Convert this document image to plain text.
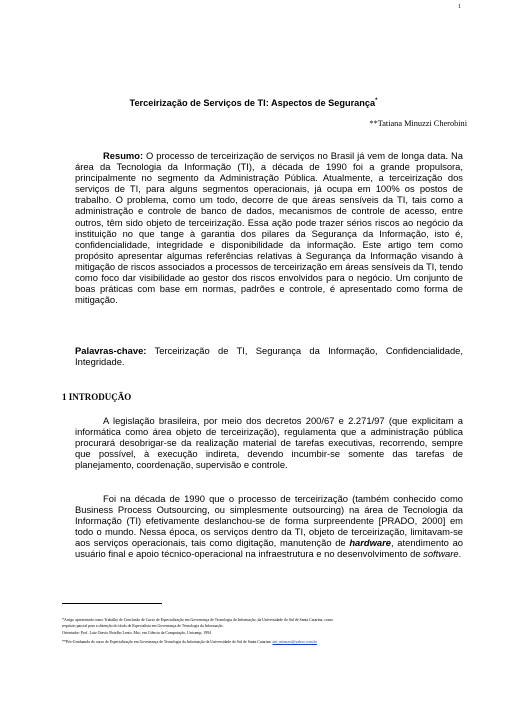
1
Terceirização de Serviços de TI: Aspectos de Segurança*
**Tatiana Minuzzi Cherobini

Resumo: O processo de terceirização de serviços no Brasil já vem de longa data. Na área da Tecnologia da Informação (TI), a década de 1990 foi a grande propulsora, principalmente no segmento da Administração Pública. Atualmente, a terceirização dos serviços de TI, para alguns segmentos operacionais, já ocupa em 100% os postos de trabalho. O problema, como um todo, decorre de que áreas sensíveis da TI, tais como a administração e controle de banco de dados, mecanismos de controle de acesso, entre outros, têm sido objeto de terceirização. Essa ação pode trazer sérios riscos ao negócio da instituição no que tange à garantia dos pilares da Segurança da Informação, isto é, confidencialidade, integridade e disponibilidade da informação. Este artigo tem como propósito apresentar algumas referências relativas à Segurança da Informação visando à mitigação de riscos associados a processos de terceirização em áreas sensíveis da TI, tendo como foco dar visibilidade ao gestor dos riscos envolvidos para o negócio. Um conjunto de boas práticas com base em normas, padrões e controle, é apresentado como forma de mitigação.

Palavras-chave: Terceirização de TI, Segurança da Informação, Confidencialidade, Integridade.

1 INTRODUÇÃO

A legislação brasileira, por meio dos decretos 200/67 e 2.271/97 (que explicitam a informática como área objeto de terceirização), regulamenta que a administração pública procurará desobrigar-se da realização material de tarefas executivas, recorrendo, sempre que possível, à execução indireta, devendo incumbir-se somente das tarefas de planejamento, coordenação, supervisão e controle.

Foi na década de 1990 que o processo de terceirização (também conhecido como Business Process Outsourcing, ou simplesmente outsourcing) na área de Tecnologia da Informação (TI) efetivamente deslanchou-se de forma surpreendente [PRADO, 2000] em todo o mundo. Nessa época, os serviços dentro da TI, objeto de terceirização, limitavam-se aos serviços operacionais, tais como digitação, manutenção de hardware, atendimento ao usuário final e apoio técnico-operacional na infraestrutura e no desenvolvimento de software.

*Artigo apresentado como Trabalho de Conclusão de Curso de Especialização em Governança de Tecnologia da Informação, da Universidade do Sul de Santa Catarina, como
requisito parcial para a obtenção do título de Especialista em Governança de Tecnologia da Informação.
Orientador: Prof. Luiz Otavio Botelho Lento, Msc. em Ciência da Computação, Unicamp, 1994
**Pós-Graduanda do curso de Especialização em Governança de Tecnologia da Informação da Universidade do Sul de Santa Catarina. tati_minuzzi@yahoo.com.br
